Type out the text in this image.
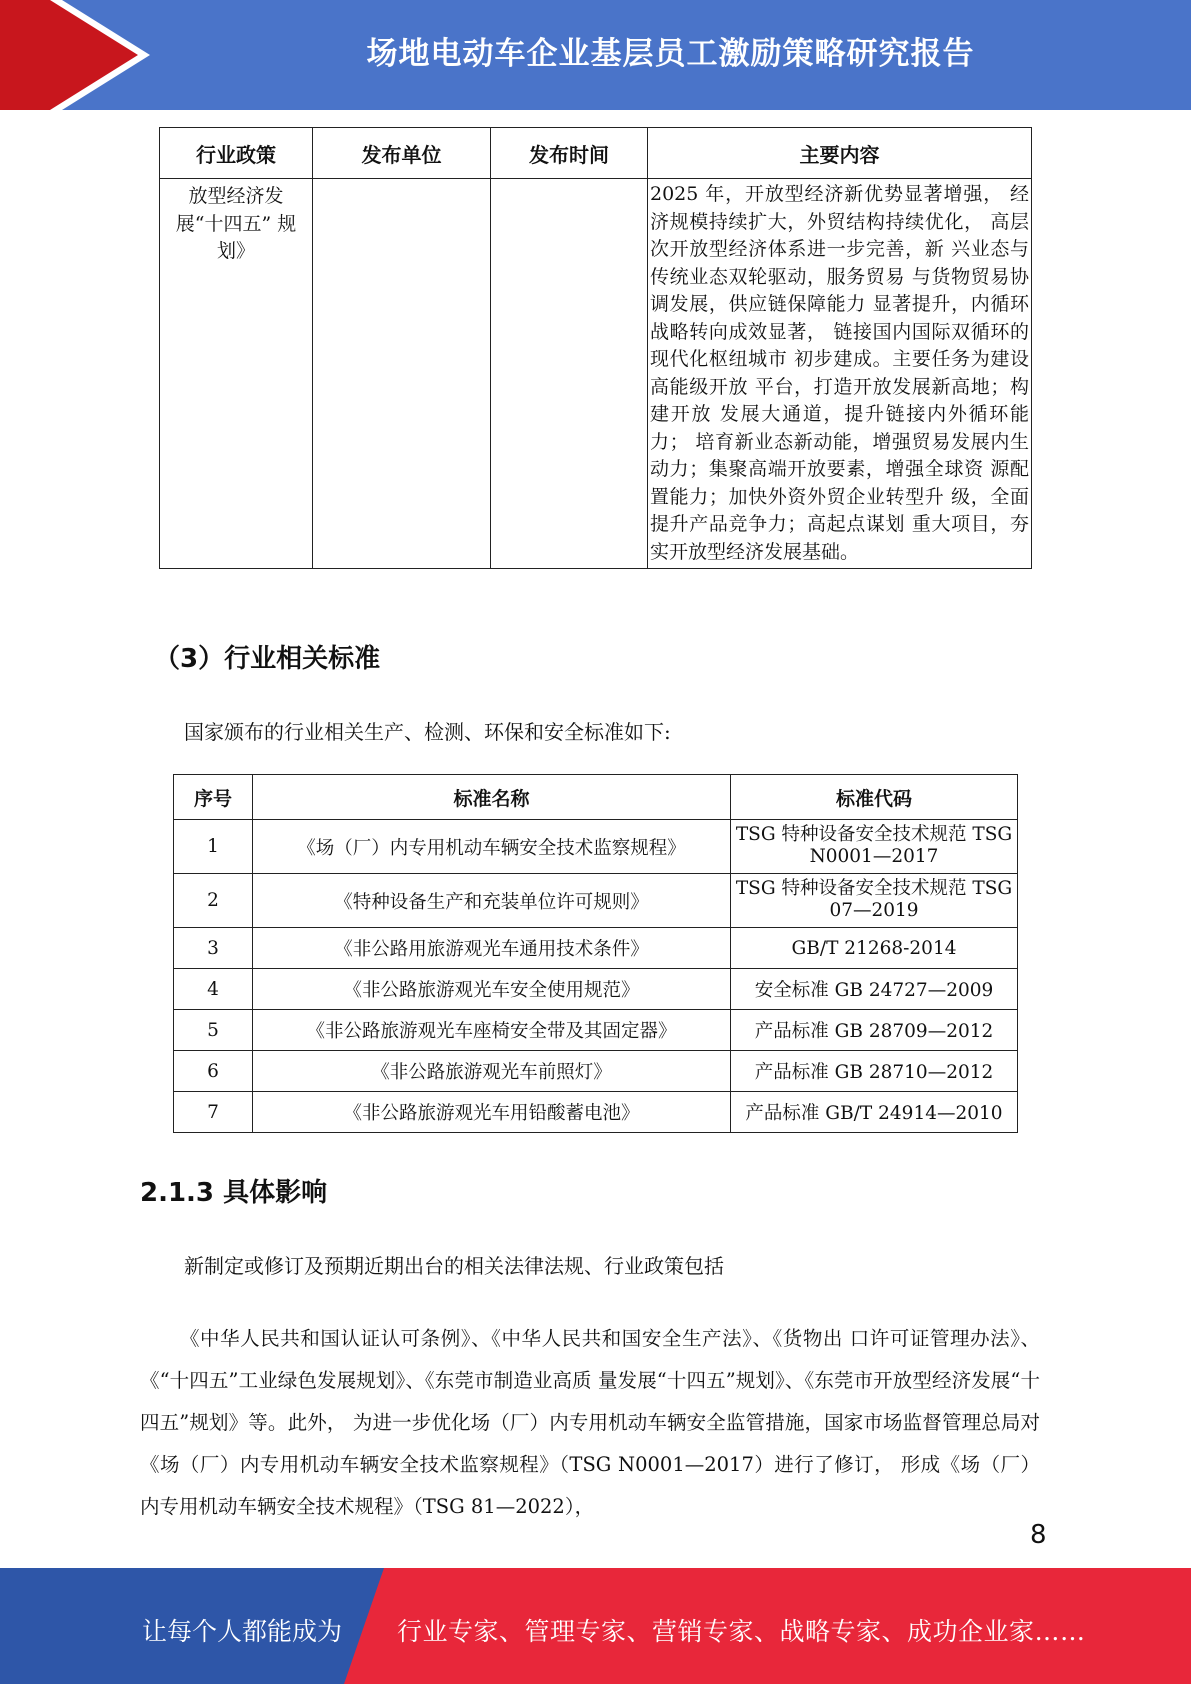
场地电动车企业基层员工激励策略研究报告
行业政策	发布单位	发布时间	主要内容
放型经济发 展“十四五” 规划》			2025 年，开放型经济新优势显著增强， 经济规模持续扩大，外贸结构持续优化， 高层次开放型经济体系进一步完善，新 兴业态与传统业态双轮驱动，服务贸易 与货物贸易协调发展，供应链保障能力 显著提升，内循环战略转向成效显著， 链接国内国际双循环的现代化枢纽城市 初步建成。主要任务为建设高能级开放 平台，打造开放发展新高地；构建开放 发展大通道，提升链接内外循环能力； 培育新业态新动能，增强贸易发展内生 动力；集聚高端开放要素，增强全球资 源配置能力；加快外资外贸企业转型升 级，全面提升产品竞争力；高起点谋划 重大项目，夯实开放型经济发展基础。
（3）行业相关标准
国家颁布的行业相关生产、检测、环保和安全标准如下:
序号	标准名称	标准代码
1	《场（厂）内专用机动车辆安全技术监察规程》	TSG 特种设备安全技术规范 TSG N0001—2017

2	《特种设备生产和充装单位许可规则》	TSG 特种设备安全技术规范 TSG 07—2019

3	《非公路用旅游观光车通用技术条件》	GB/T 21268-2014
4	《非公路旅游观光车安全使用规范》	安全标准 GB 24727—2009
5	《非公路旅游观光车座椅安全带及其固定器》	产品标准 GB 28709—2012
6	《非公路旅游观光车前照灯》	产品标准 GB 28710—2012
7	《非公路旅游观光车用铅酸蓄电池》	产品标准 GB/T 24914—2010
2.1.3 具体影响
新制定或修订及预期近期出台的相关法律法规、行业政策包括
《中华人民共和国认证认可条例》、《中华人民共和国安全生产法》、《货物出 口许可证管理办法》、《“十四五”工业绿色发展规划》、《东莞市制造业高质 量发展“十四五”规划》、《东莞市开放型经济发展“十四五”规划》等。此外， 为进一步优化场（厂）内专用机动车辆安全监管措施，国家市场监督管理总局对《场（厂）内专用机动车辆安全技术监察规程》（TSG N0001—2017）进行了修订， 形成《场（厂）内专用机动车辆安全技术规程》（TSG 81—2022），
8
让每个人都能成为 行业专家、管理专家、营销专家、战略专家、成功企业家……
